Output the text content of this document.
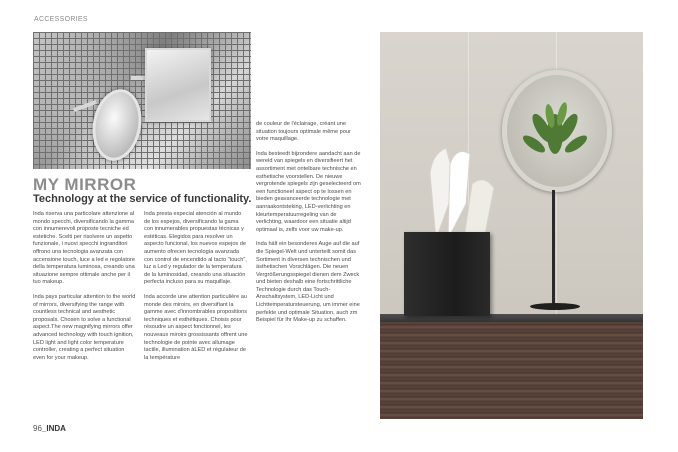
ACCESSORIES
MY MIRROR
Technology at the service of functionality.

Inda riserva una particolare attenzione al mondo specchi, diversificando la gamma con innumerevoli proposte tecniche ed estetiche. Scelti per risolvere un aspetto funzionale, i nuovi specchi ingranditori offrono una tecnologia avanzata con accensione touch, luce a led e regolatore della temperatura luminosa, creando una situazione sempre ottimale anche per il tuo makeup.

Inda pays particular attention to the world of mirrors, diversifying the range with countless technical and aesthetic proposals. Chosen to solve a functional aspect.The new magnifying mirrors offer advanced technology with touch ignition, LED light and light color temperature controller, creating a perfect situation even for your makeup.

Inda presta especial atención al mundo de los espejos, diversificando la gama con innumerables propuestas técnicas y estéticas. Elegidos para resolver un aspecto funcional, los nuevos espejos de aumento ofrecen tecnología avanzada con control de encendido al tacto "touch", luz a Led y regulador de la temperatura de la luminosidad, creando una situación perfecta incluso para su maquillaje.

Inda accorde une attention particulière au monde des miroirs, en diversifiant la gamme avec d'innombrables propositions techniques et esthétiques. Choisis pour résoudre un aspect fonctionnel, les nouveaux miroirs grossissants offrent une technologie de pointe avec allumage tactile, illumination àLED et régulateur de la température

de couleur de l'éclairage, créant une situation toujours optimale même pour votre maquillage.

Inda besteedt bijzondere aandacht aan de wereld van spiegels en diversifieert het assortiment met ontelbare technische en esthetische voorstellen. De nieuwe vergrotende spiegels zijn geselecteerd om een functioneel aspect op te lossen en bieden geavanceerde technologie met aanraakontsteking, LED-verlichting en kleurtemperatuurregeling van de verlichting, waardoor een situatie altijd optimaal is, zelfs voor uw make-up.

Inda hält ein besonderes Auge auf die auf die Spiegel-Welt und unterteilt somit das Sortiment in diversen technischen und ästhetischen Vorschlägen. Die neuen Vergrößerungsspiegel dienen dem Zweck und bieten deshalb eine fortschrittliche Technologie durch das Touch-Anschaltsystem, LED-Licht und Lichttemperatursteuerung, um immer eine perfekte und optimale Situation, auch zm Beispiel für Ihr Make-up zu schaffen.

96_INDA
